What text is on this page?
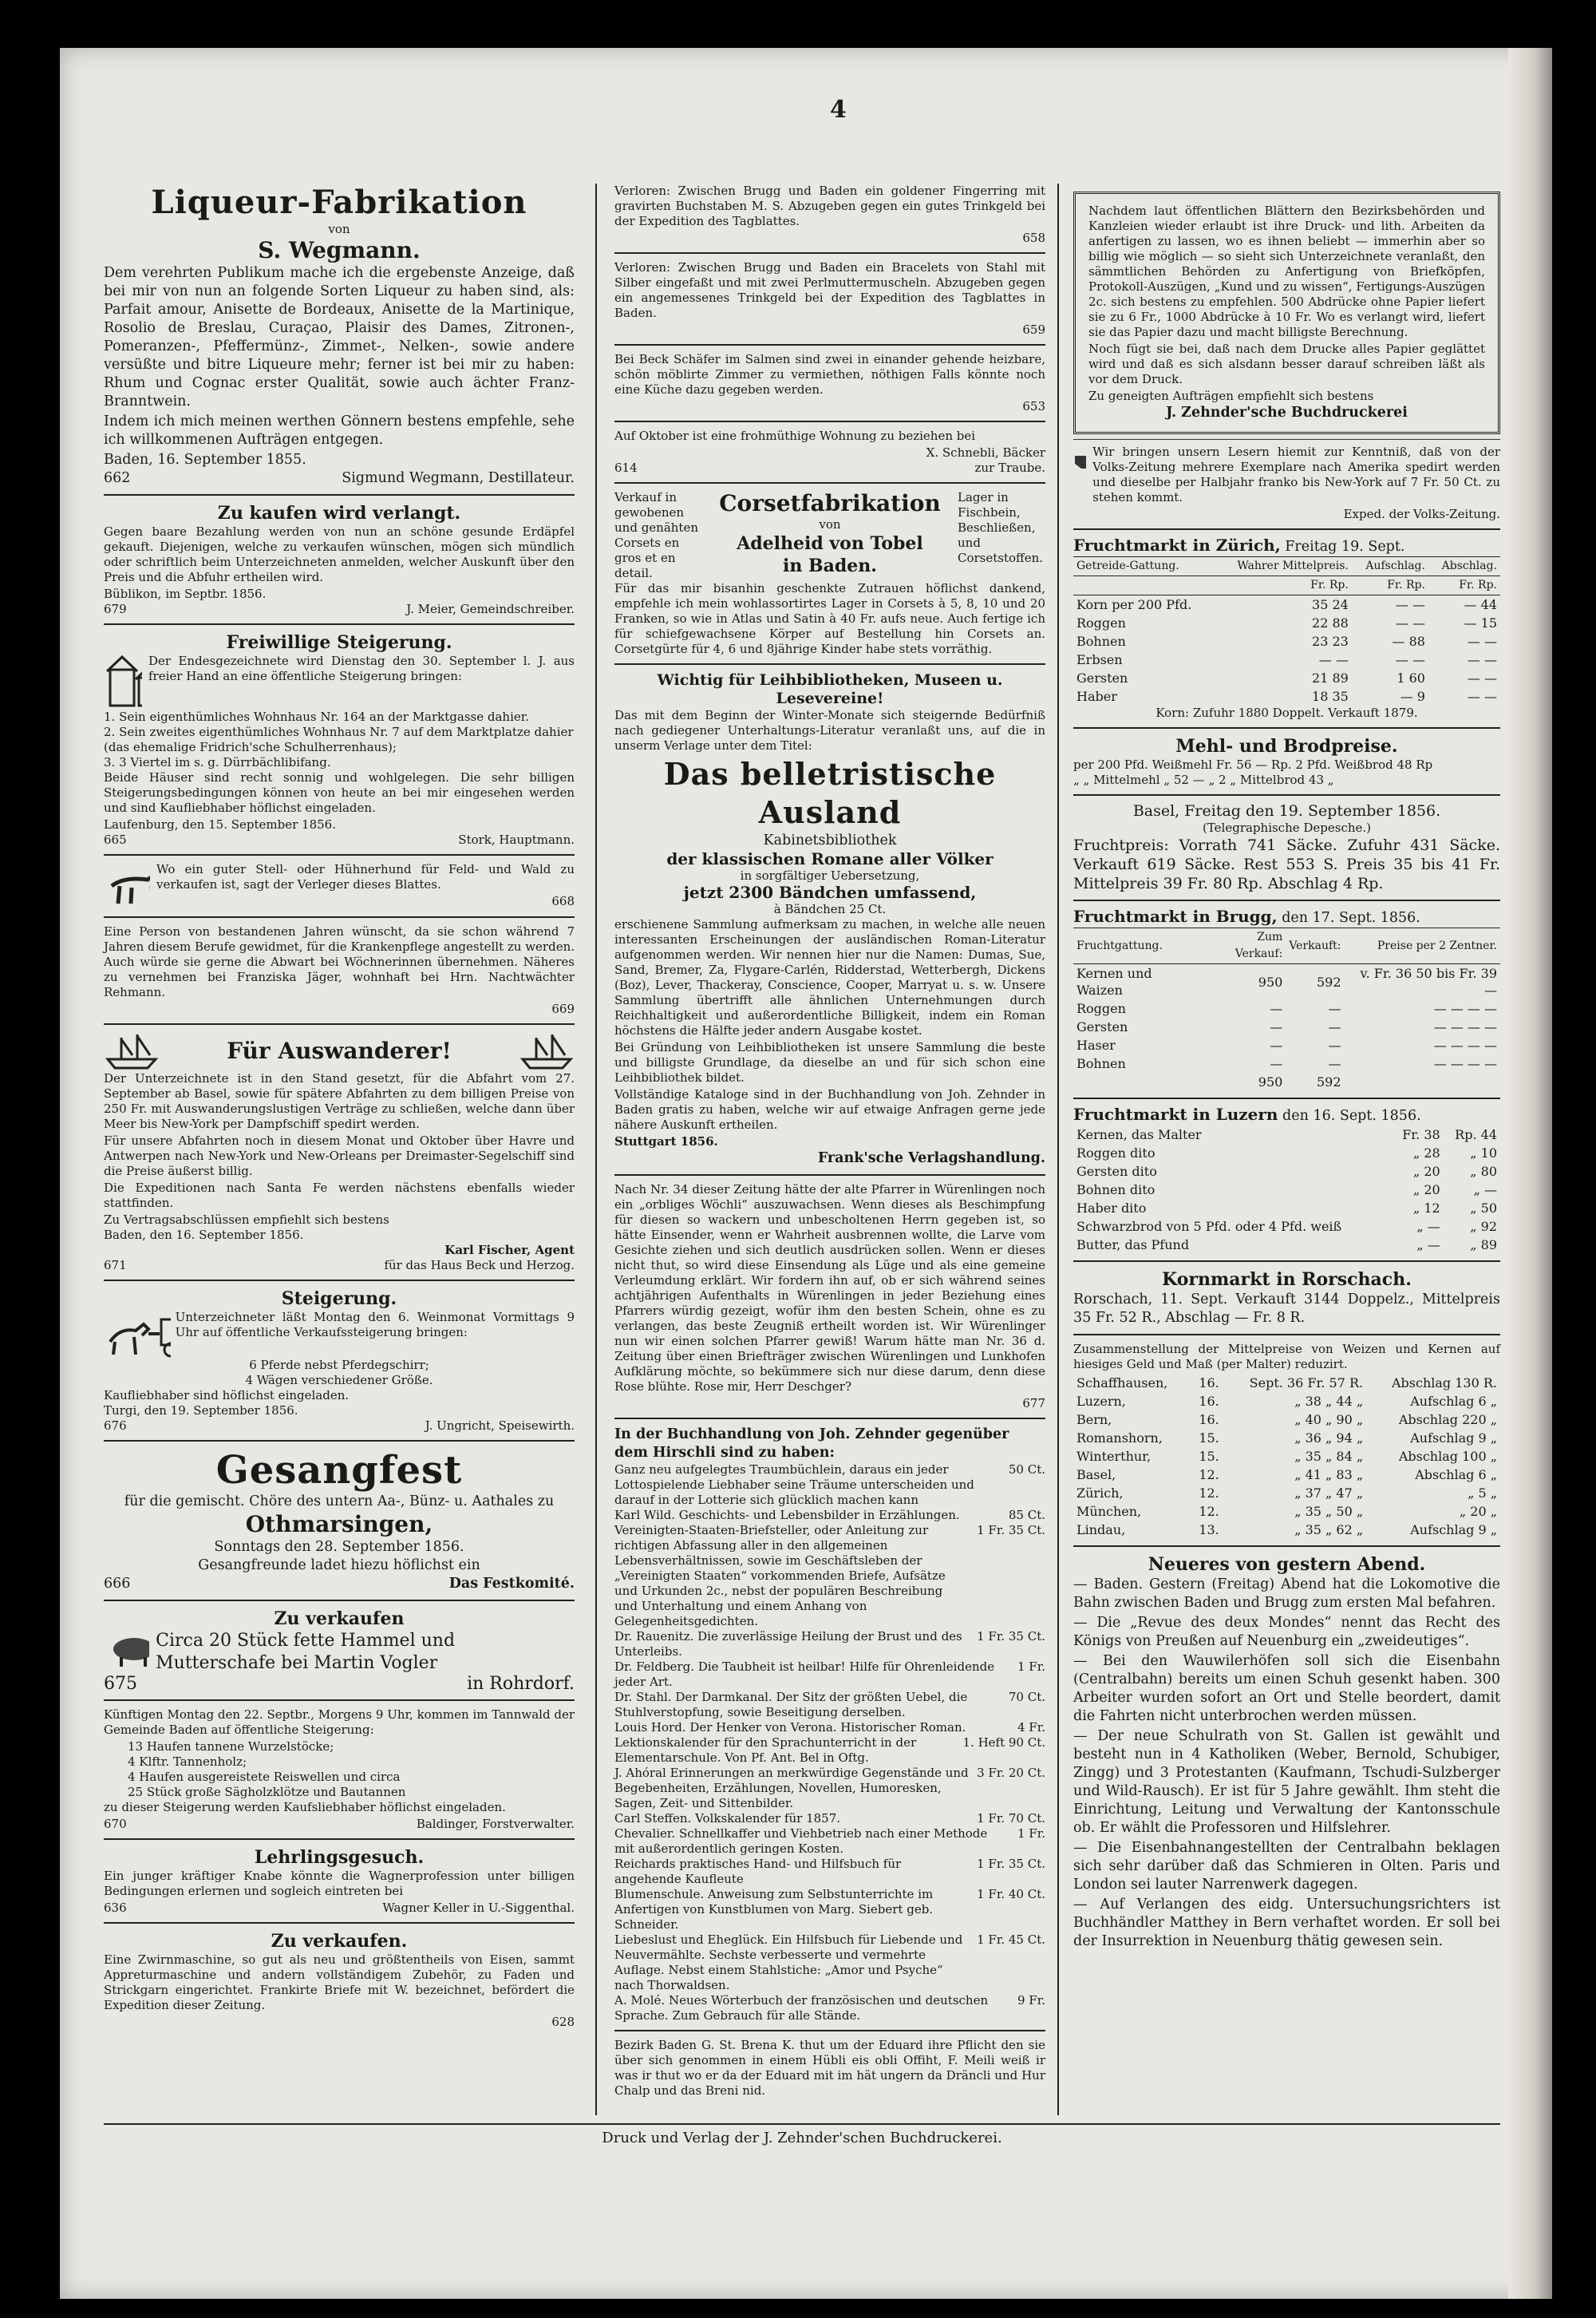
4
Liqueur-Fabrikation
von
S. Wegmann.

Dem verehrten Publikum mache ich die ergebenste Anzeige, daß bei mir von nun an folgende Sorten Liqueur zu haben sind, als: Parfait amour, Anisette de Bordeaux, Anisette de la Martinique, Rosolio de Breslau, Curaçao, Plaisir des Dames, Zitronen-, Pomeranzen-, Pfeffermünz-, Zimmet-, Nelken-, sowie andere versüßte und bitre Liqueure mehr; ferner ist bei mir zu haben: Rhum und Cognac erster Qualität, sowie auch ächter Franz-Branntwein.

Indem ich mich meinen werthen Gönnern bestens empfehle, sehe ich willkommenen Aufträgen entgegen.

Baden, 16. September 1855.
662	Sigmund Wegmann, Destillateur.
Zu kaufen wird verlangt.

Gegen baare Bezahlung werden von nun an schöne gesunde Erdäpfel gekauft. Diejenigen, welche zu verkaufen wünschen, mögen sich mündlich oder schriftlich beim Unterzeichneten anmelden, welcher Auskunft über den Preis und die Abfuhr ertheilen wird.

Büblikon, im Septbr. 1856.
679	J. Meier, Gemeindschreiber.
Freiwillige Steigerung.

Der Endesgezeichnete wird Dienstag den 30. September l. J. aus freier Hand an eine öffentliche Steigerung bringen:

1. Sein eigenthümliches Wohnhaus Nr. 164 an der Marktgasse dahier.
2. Sein zweites eigenthümliches Wohnhaus Nr. 7 auf dem Marktplatze dahier (das ehemalige Fridrich'sche Schulherrenhaus);
3. 3 Viertel im s. g. Dürrbächlibifang.

Beide Häuser sind recht sonnig und wohlgelegen. Die sehr billigen Steigerungsbedingungen können von heute an bei mir eingesehen werden und sind Kaufliebhaber höflichst eingeladen.

Laufenburg, den 15. September 1856.
665	Stork, Hauptmann.

Wo ein guter Stell- oder Hühnerhund für Feld- und Wald zu verkaufen ist, sagt der Verleger dieses Blattes.

668

Eine Person von bestandenen Jahren wünscht, da sie schon während 7 Jahren diesem Berufe gewidmet, für die Krankenpflege angestellt zu werden. Auch würde sie gerne die Abwart bei Wöchnerinnen übernehmen. Näheres zu vernehmen bei Franziska Jäger, wohnhaft bei Hrn. Nachtwächter Rehmann.

669
Für Auswanderer!

Der Unterzeichnete ist in den Stand gesetzt, für die Abfahrt vom 27. September ab Basel, sowie für spätere Abfahrten zu dem billigen Preise von 250 Fr. mit Auswanderungslustigen Verträge zu schließen, welche dann über Meer bis New-York per Dampfschiff spedirt werden.

Für unsere Abfahrten noch in diesem Monat und Oktober über Havre und Antwerpen nach New-York und New-Orleans per Dreimaster-Segelschiff sind die Preise äußerst billig.

Die Expeditionen nach Santa Fe werden nächstens ebenfalls wieder stattfinden.

Zu Vertragsabschlüssen empfiehlt sich bestens
Baden, den 16. September 1856.
Karl Fischer, Agent
671	für das Haus Beck und Herzog.
Steigerung.

Unterzeichneter läßt Montag den 6. Weinmonat Vormittags 9 Uhr auf öffentliche Verkaufssteigerung bringen:

6 Pferde nebst Pferdegschirr;
4 Wägen verschiedener Größe.
Kaufliebhaber sind höflichst eingeladen.
Turgi, den 19. September 1856.
676	J. Ungricht, Speisewirth.
Gesangfest
für die gemischt. Chöre des untern Aa-, Bünz- u. Aathales zu
Othmarsingen,
Sonntags den 28. September 1856.
Gesangfreunde ladet hiezu höflichst ein
666	Das Festkomité.
Zu verkaufen
Circa 20 Stück fette Hammel und Mutterschafe bei Martin Vogler
675	in Rohrdorf.

Künftigen Montag den 22. Septbr., Morgens 9 Uhr, kommen im Tannwald der Gemeinde Baden auf öffentliche Steigerung:

13 Haufen tannene Wurzelstöcke;
4 Klftr. Tannenholz;
4 Haufen ausgereistete Reiswellen und circa
25 Stück große Sägholzklötze und Bautannen

zu dieser Steigerung werden Kaufsliebhaber höflichst eingeladen.

670	Baldinger, Forstverwalter.
Lehrlingsgesuch.

Ein junger kräftiger Knabe könnte die Wagnerprofession unter billigen Bedingungen erlernen und sogleich eintreten bei

636	Wagner Keller in U.-Siggenthal.
Zu verkaufen.

Eine Zwirnmaschine, so gut als neu und größtentheils von Eisen, sammt Appreturmaschine und andern vollständigem Zubehör, zu Faden und Strickgarn eingerichtet. Frankirte Briefe mit W. bezeichnet, befördert die Expedition dieser Zeitung.

628

Verloren: Zwischen Brugg und Baden ein goldener Fingerring mit gravirten Buchstaben M. S. Abzugeben gegen ein gutes Trinkgeld bei der Expedition des Tagblattes.

658

Verloren: Zwischen Brugg und Baden ein Bracelets von Stahl mit Silber eingefaßt und mit zwei Perlmuttermuscheln. Abzugeben gegen ein angemessenes Trinkgeld bei der Expedition des Tagblattes in Baden.

659

Bei Beck Schäfer im Salmen sind zwei in einander gehende heizbare, schön möblirte Zimmer zu vermiethen, nöthigen Falls könnte noch eine Küche dazu gegeben werden.

653

Auf Oktober ist eine frohmüthige Wohnung zu beziehen bei

X. Schnebli, Bäcker
614	zur Traube.
Verkauf in gewobenen und genähten Corsets en gros et en detail.
Corsetfabrikation
von
Adelheid von Tobel
in Baden.
Lager in Fischbein, Beschließen, und Corsetstoffen.

Für das mir bisanhin geschenkte Zutrauen höflichst dankend, empfehle ich mein wohlassortirtes Lager in Corsets à 5, 8, 10 und 20 Franken, so wie in Atlas und Satin à 40 Fr. aufs neue. Auch fertige ich für schiefgewachsene Körper auf Bestellung hin Corsets an. Corsetgürte für 4, 6 und 8jährige Kinder habe stets vorräthig.

Wichtig für Leihbibliotheken, Museen u. Lesevereine!

Das mit dem Beginn der Winter-Monate sich steigernde Bedürfniß nach gediegener Unterhaltungs-Literatur veranlaßt uns, auf die in unserm Verlage unter dem Titel:

Das belletristische Ausland
Kabinetsbibliothek
der klassischen Romane aller Völker
in sorgfältiger Uebersetzung,
jetzt 2300 Bändchen umfassend,
à Bändchen 25 Ct.

erschienene Sammlung aufmerksam zu machen, in welche alle neuen interessanten Erscheinungen der ausländischen Roman-Literatur aufgenommen werden. Wir nennen hier nur die Namen: Dumas, Sue, Sand, Bremer, Za, Flygare-Carlén, Ridderstad, Wetterbergh, Dickens (Boz), Lever, Thackeray, Conscience, Cooper, Marryat u. s. w. Unsere Sammlung übertrifft alle ähnlichen Unternehmungen durch Reichhaltigkeit und außerordentliche Billigkeit, indem ein Roman höchstens die Hälfte jeder andern Ausgabe kostet.

Bei Gründung von Leihbibliotheken ist unsere Sammlung die beste und billigste Grundlage, da dieselbe an und für sich schon eine Leihbibliothek bildet.

Vollständige Kataloge sind in der Buchhandlung von Joh. Zehnder in Baden gratis zu haben, welche wir auf etwaige Anfragen gerne jede nähere Auskunft ertheilen.

Stuttgart 1856.
Frank'sche Verlagshandlung.

Nach Nr. 34 dieser Zeitung hätte der alte Pfarrer in Würenlingen noch ein „orbliges Wöchli“ auszuwachsen. Wenn dieses als Beschimpfung für diesen so wackern und unbescholtenen Herrn gegeben ist, so hätte Einsender, wenn er Wahrheit ausbrennen wollte, die Larve vom Gesichte ziehen und sich deutlich ausdrücken sollen. Wenn er dieses nicht thut, so wird diese Einsendung als Lüge und als eine gemeine Verleumdung erklärt. Wir fordern ihn auf, ob er sich während seines achtjährigen Aufenthalts in Würenlingen in jeder Beziehung eines Pfarrers würdig gezeigt, wofür ihm den besten Schein, ohne es zu verlangen, das beste Zeugniß ertheilt worden ist. Wir Würenlinger nun wir einen solchen Pfarrer gewiß! Warum hätte man Nr. 36 d. Zeitung über einen Briefträger zwischen Würenlingen und Lunkhofen Aufklärung möchte, so bekümmere sich nur diese darum, denn diese Rose blühte. Rose mir, Herr Deschger?

677
In der Buchhandlung von Joh. Zehnder gegenüber dem Hirschli sind zu haben:
Ganz neu aufgelegtes Traumbüchlein, daraus ein jeder Lottospielende Liebhaber seine Träume unterscheiden und darauf in der Lotterie sich glücklich machen kann
50 Ct.
Karl Wild. Geschichts- und Lebensbilder in Erzählungen.	85 Ct.
Vereinigten-Staaten-Briefsteller, oder Anleitung zur richtigen Abfassung aller in den allgemeinen Lebensverhältnissen, sowie im Geschäftsleben der „Vereinigten Staaten“ vorkommenden Briefe, Aufsätze und Urkunden 2c., nebst der populären Beschreibung und Unterhaltung und einem Anhang von Gelegenheitsgedichten.
1 Fr. 35 Ct.
Dr. Rauenitz. Die zuverlässige Heilung der Brust und des Unterleibs.
1 Fr. 35 Ct.
Dr. Feldberg. Die Taubheit ist heilbar! Hilfe für Ohrenleidende jeder Art.
1 Fr.
Dr. Stahl. Der Darmkanal. Der Sitz der größten Uebel, die Stuhlverstopfung, sowie Beseitigung derselben.
70 Ct.
Louis Hord. Der Henker von Verona. Historischer Roman.	4 Fr.
Lektionskalender für den Sprachunterricht in der Elementarschule. Von Pf. Ant. Bel in Oftg.
1. Heft 90 Ct.
J. Ahóral Erinnerungen an merkwürdige Gegenstände und Begebenheiten, Erzählungen, Novellen, Humoresken, Sagen, Zeit- und Sittenbilder.
3 Fr. 20 Ct.
Carl Steffen. Volkskalender für 1857.	1 Fr. 70 Ct.
Chevalier. Schnellkaffer und Viehbetrieb nach einer Methode mit außerordentlich geringen Kosten.
1 Fr.
Reichards praktisches Hand- und Hilfsbuch für angehende Kaufleute
1 Fr. 35 Ct.
Blumenschule. Anweisung zum Selbstunterrichte im Anfertigen von Kunstblumen von Marg. Siebert geb. Schneider.
1 Fr. 40 Ct.
Liebeslust und Eheglück. Ein Hilfsbuch für Liebende und Neuvermählte. Sechste verbesserte und vermehrte Auflage. Nebst einem Stahlstiche: „Amor und Psyche“ nach Thorwaldsen.
1 Fr. 45 Ct.
A. Molé. Neues Wörterbuch der französischen und deutschen Sprache. Zum Gebrauch für alle Stände.
9 Fr.

Bezirk Baden G. St. Brena K. thut um der Eduard ihre Pflicht den sie über sich genommen in einem Hübli eis obli Offiht, F. Meili weiß ir was ir thut wo er da der Eduard mit im hät ungern da Dräncli und Hur Chalp und das Breni nid.

Nachdem laut öffentlichen Blättern den Bezirksbehörden und Kanzleien wieder erlaubt ist ihre Druck- und lith. Arbeiten da anfertigen zu lassen, wo es ihnen beliebt — immerhin aber so billig wie möglich — so sieht sich Unterzeichnete veranlaßt, den sämmtlichen Behörden zu Anfertigung von Briefköpfen, Protokoll-Auszügen, „Kund und zu wissen“, Fertigungs-Auszügen 2c. sich bestens zu empfehlen. 500 Abdrücke ohne Papier liefert sie zu 6 Fr., 1000 Abdrücke à 10 Fr. Wo es verlangt wird, liefert sie das Papier dazu und macht billigste Berechnung.

Noch fügt sie bei, daß nach dem Drucke alles Papier geglättet wird und daß es sich alsdann besser darauf schreiben läßt als vor dem Druck.

Zu geneigten Aufträgen empfiehlt sich bestens
J. Zehnder'sche Buchdruckerei

Wir bringen unsern Lesern hiemit zur Kenntniß, daß von der Volks-Zeitung mehrere Exemplare nach Amerika spedirt werden und dieselbe per Halbjahr franko bis New-York auf 7 Fr. 50 Ct. zu stehen kommt.

Exped. der Volks-Zeitung.
Fruchtmarkt in Zürich, Freitag 19. Sept.
Getreide-Gattung.	Wahrer Mittelpreis.	Aufschlag.	Abschlag.
	Fr. Rp.	Fr. Rp.	Fr. Rp.
Korn per 200 Pfd.	35 24	— —	— 44
Roggen	22 88	— —	— 15
Bohnen	23 23	— 88	— —
Erbsen	— —	— —	— —
Gersten	21 89	1 60	— —
Haber	18 35	— 9	— —
Korn: Zufuhr 1880 Doppelt. Verkauft 1879.
Mehl- und Brodpreise.
per 200 Pfd. Weißmehl Fr. 56 — Rp. 2 Pfd. Weißbrod 48 Rp
„ „ Mittelmehl „ 52 — „ 2 „ Mittelbrod 43 „
Basel, Freitag den 19. September 1856.
(Telegraphische Depesche.)

Fruchtpreis: Vorrath 741 Säcke. Zufuhr 431 Säcke. Verkauft 619 Säcke. Rest 553 S. Preis 35 bis 41 Fr. Mittelpreis 39 Fr. 80 Rp. Abschlag 4 Rp.

Fruchtmarkt in Brugg, den 17. Sept. 1856.
Fruchtgattung.	Zum Verkauf:	Verkauft:	Preise per 2 Zentner.
Kernen und Waizen	950	592	v. Fr. 36 50 bis Fr. 39 —
Roggen	—	—	— — — —
Gersten	—	—	— — — —
Haser	—	—	— — — —
Bohnen	—	—	— — — —
	950	592	
Fruchtmarkt in Luzern den 16. Sept. 1856.
Kernen, das Malter	Fr. 38	Rp. 44
Roggen dito	„ 28	„ 10
Gersten dito	„ 20	„ 80
Bohnen dito	„ 20	„ —
Haber dito	„ 12	„ 50
Schwarzbrod von 5 Pfd. oder 4 Pfd. weiß	„ —	„ 92
Butter, das Pfund	„ —	„ 89
Kornmarkt in Rorschach.

Rorschach, 11. Sept. Verkauft 3144 Doppelz., Mittelpreis 35 Fr. 52 R., Abschlag — Fr. 8 R.

Zusammenstellung der Mittelpreise von Weizen und Kernen auf hiesiges Geld und Maß (per Malter) reduzirt.

Schaffhausen,	16.	Sept. 36 Fr. 57 R.	Abschlag 130 R.
Luzern,	16.	„ 38 „ 44 „	Aufschlag 6 „
Bern,	16.	„ 40 „ 90 „	Abschlag 220 „
Romanshorn,	15.	„ 36 „ 94 „	Aufschlag 9 „
Winterthur,	15.	„ 35 „ 84 „	Abschlag 100 „
Basel,	12.	„ 41 „ 83 „	Abschlag 6 „
Zürich,	12.	„ 37 „ 47 „	„ 5 „
München,	12.	„ 35 „ 50 „	„ 20 „
Lindau,	13.	„ 35 „ 62 „	Aufschlag 9 „
Neueres von gestern Abend.

— Baden. Gestern (Freitag) Abend hat die Lokomotive die Bahn zwischen Baden und Brugg zum ersten Mal befahren.

— Die „Revue des deux Mondes“ nennt das Recht des Königs von Preußen auf Neuenburg ein „zweideutiges“.

— Bei den Wauwilerhöfen soll sich die Eisenbahn (Centralbahn) bereits um einen Schuh gesenkt haben. 300 Arbeiter wurden sofort an Ort und Stelle beordert, damit die Fahrten nicht unterbrochen werden müssen.

— Der neue Schulrath von St. Gallen ist gewählt und besteht nun in 4 Katholiken (Weber, Bernold, Schubiger, Zingg) und 3 Protestanten (Kaufmann, Tschudi-Sulzberger und Wild-Rausch). Er ist für 5 Jahre gewählt. Ihm steht die Einrichtung, Leitung und Verwaltung der Kantonsschule ob. Er wählt die Professoren und Hilfslehrer.

— Die Eisenbahnangestellten der Centralbahn beklagen sich sehr darüber daß das Schmieren in Olten. Paris und London sei lauter Narrenwerk dagegen.

— Auf Verlangen des eidg. Untersuchungsrichters ist Buchhändler Matthey in Bern verhaftet worden. Er soll bei der Insurrektion in Neuenburg thätig gewesen sein.

Druck und Verlag der J. Zehnder'schen Buchdruckerei.
